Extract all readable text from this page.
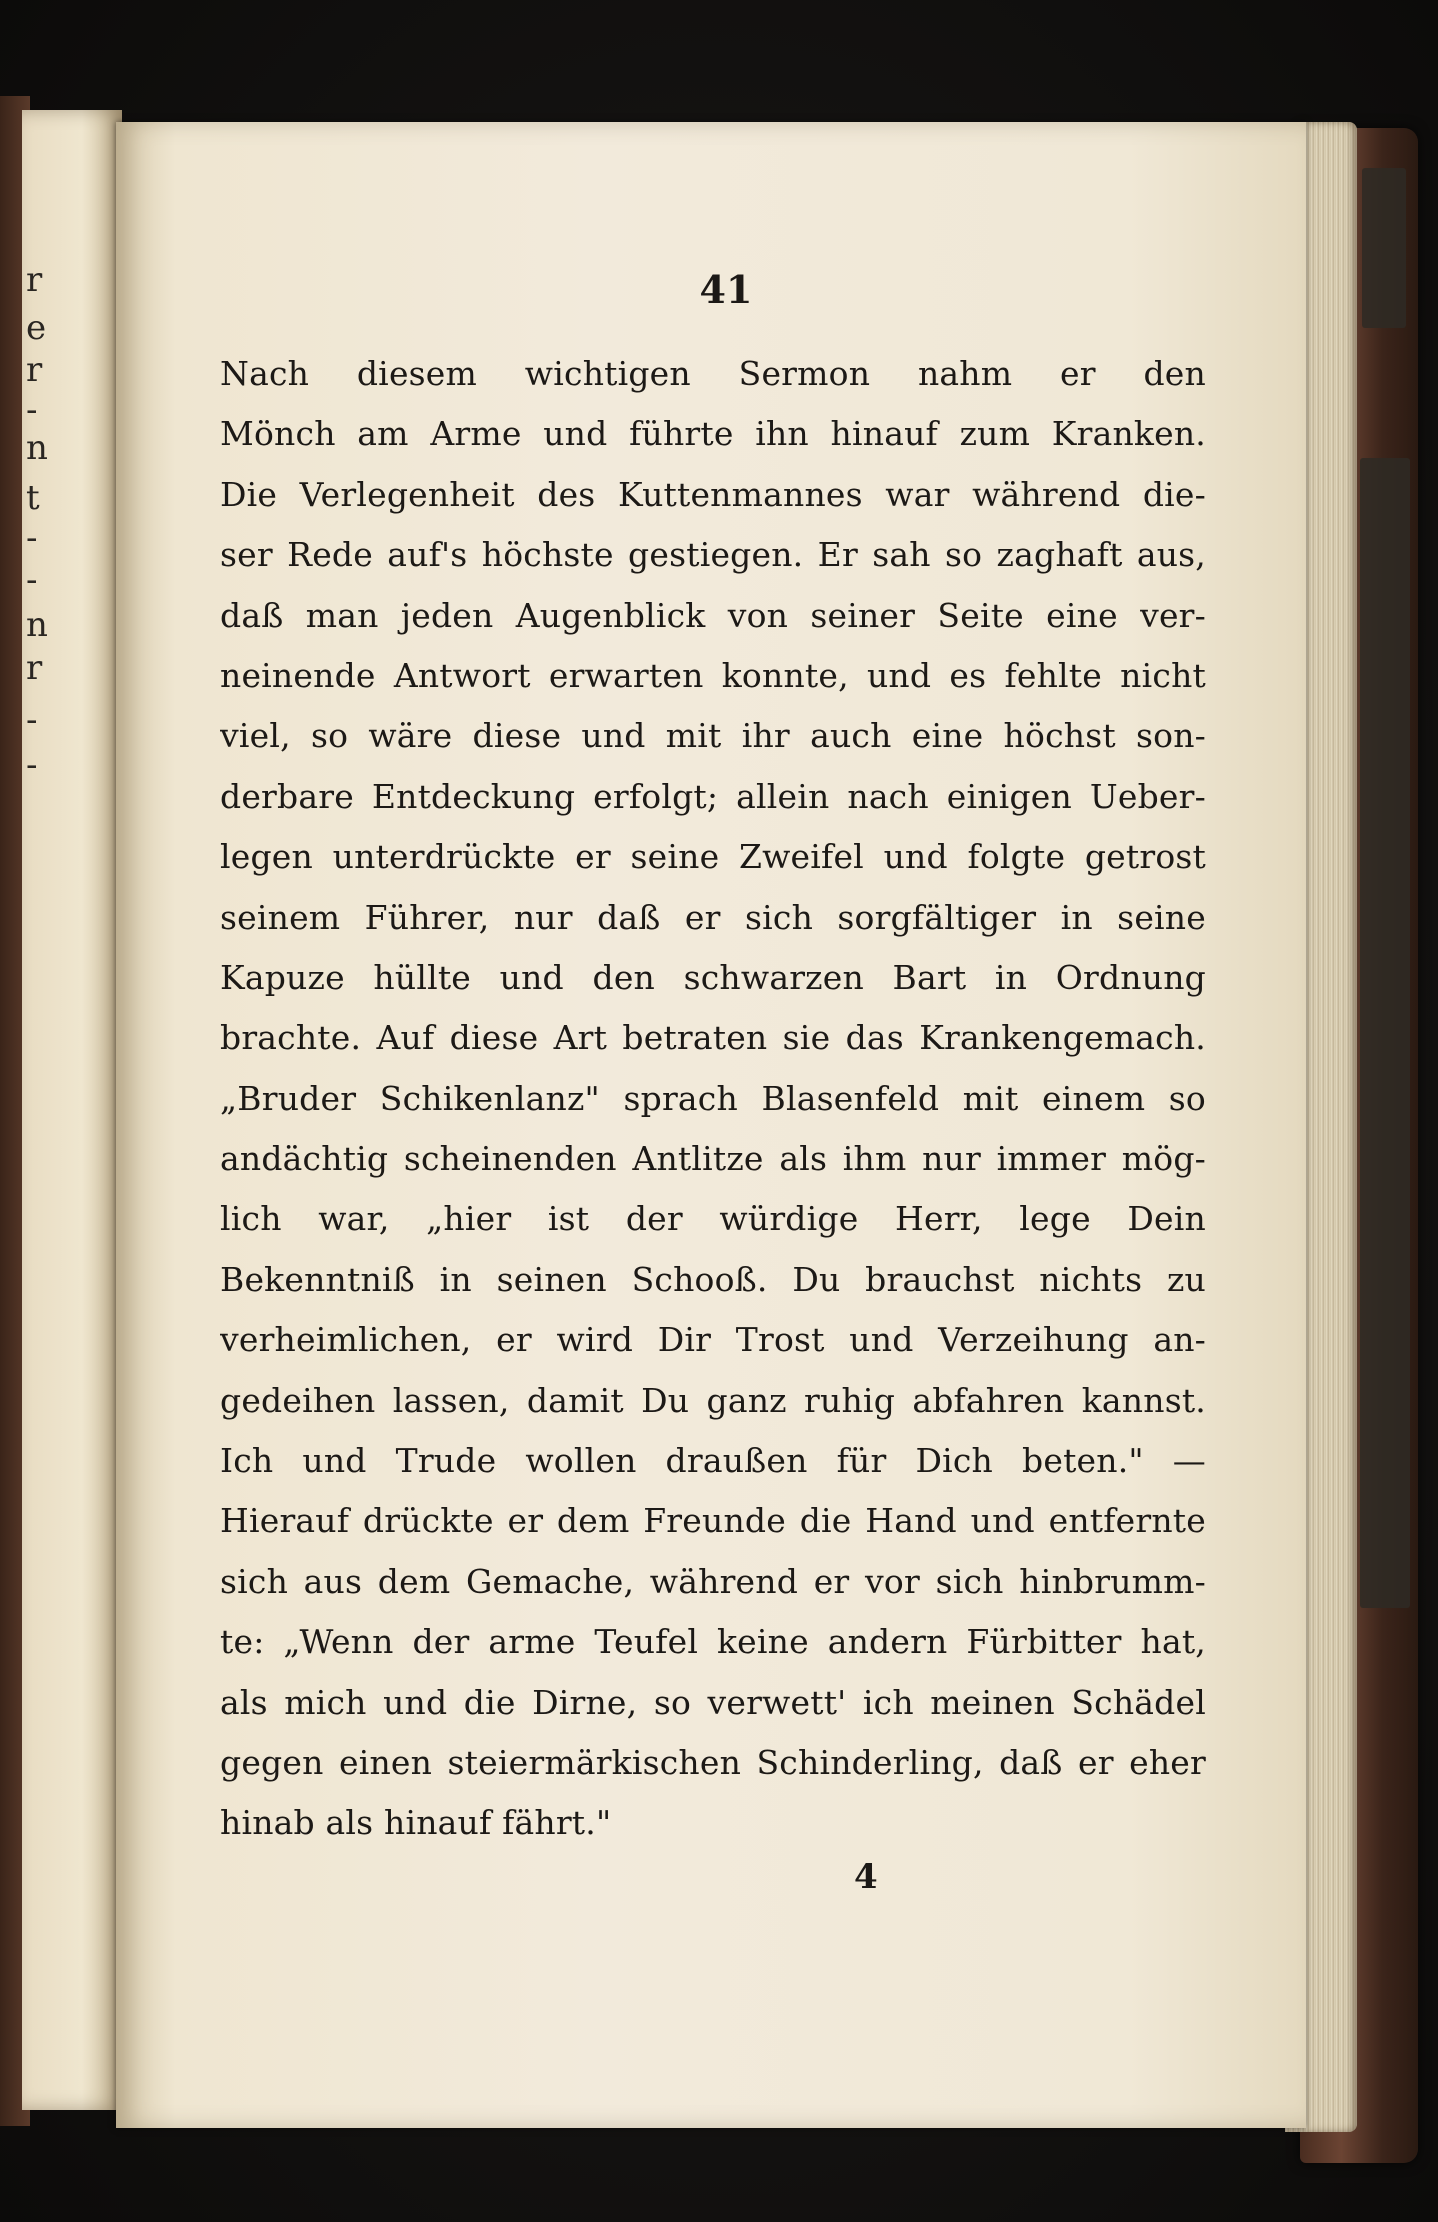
r
e
r
-
n
t
-
-
n
r
-
-
41
Nach diesem wichtigen Sermon nahm er den
Mönch am Arme und führte ihn hinauf zum Kranken.
Die Verlegenheit des Kuttenmannes war während die-
ser Rede auf's höchste gestiegen. Er sah so zaghaft aus,
daß man jeden Augenblick von seiner Seite eine ver-
neinende Antwort erwarten konnte, und es fehlte nicht
viel, so wäre diese und mit ihr auch eine höchst son-
derbare Entdeckung erfolgt; allein nach einigen Ueber-
legen unterdrückte er seine Zweifel und folgte getrost
seinem Führer, nur daß er sich sorgfältiger in seine
Kapuze hüllte und den schwarzen Bart in Ordnung
brachte. Auf diese Art betraten sie das Krankengemach.
„Bruder Schikenlanz" sprach Blasenfeld mit einem so
andächtig scheinenden Antlitze als ihm nur immer mög-
lich war, „hier ist der würdige Herr, lege Dein
Bekenntniß in seinen Schooß. Du brauchst nichts zu
verheimlichen, er wird Dir Trost und Verzeihung an-
gedeihen lassen, damit Du ganz ruhig abfahren kannst.
Ich und Trude wollen draußen für Dich beten." —
Hierauf drückte er dem Freunde die Hand und entfernte
sich aus dem Gemache, während er vor sich hinbrumm-
te: „Wenn der arme Teufel keine andern Fürbitter hat,
als mich und die Dirne, so verwett' ich meinen Schädel
gegen einen steiermärkischen Schinderling, daß er eher
hinab als hinauf fährt."
4
